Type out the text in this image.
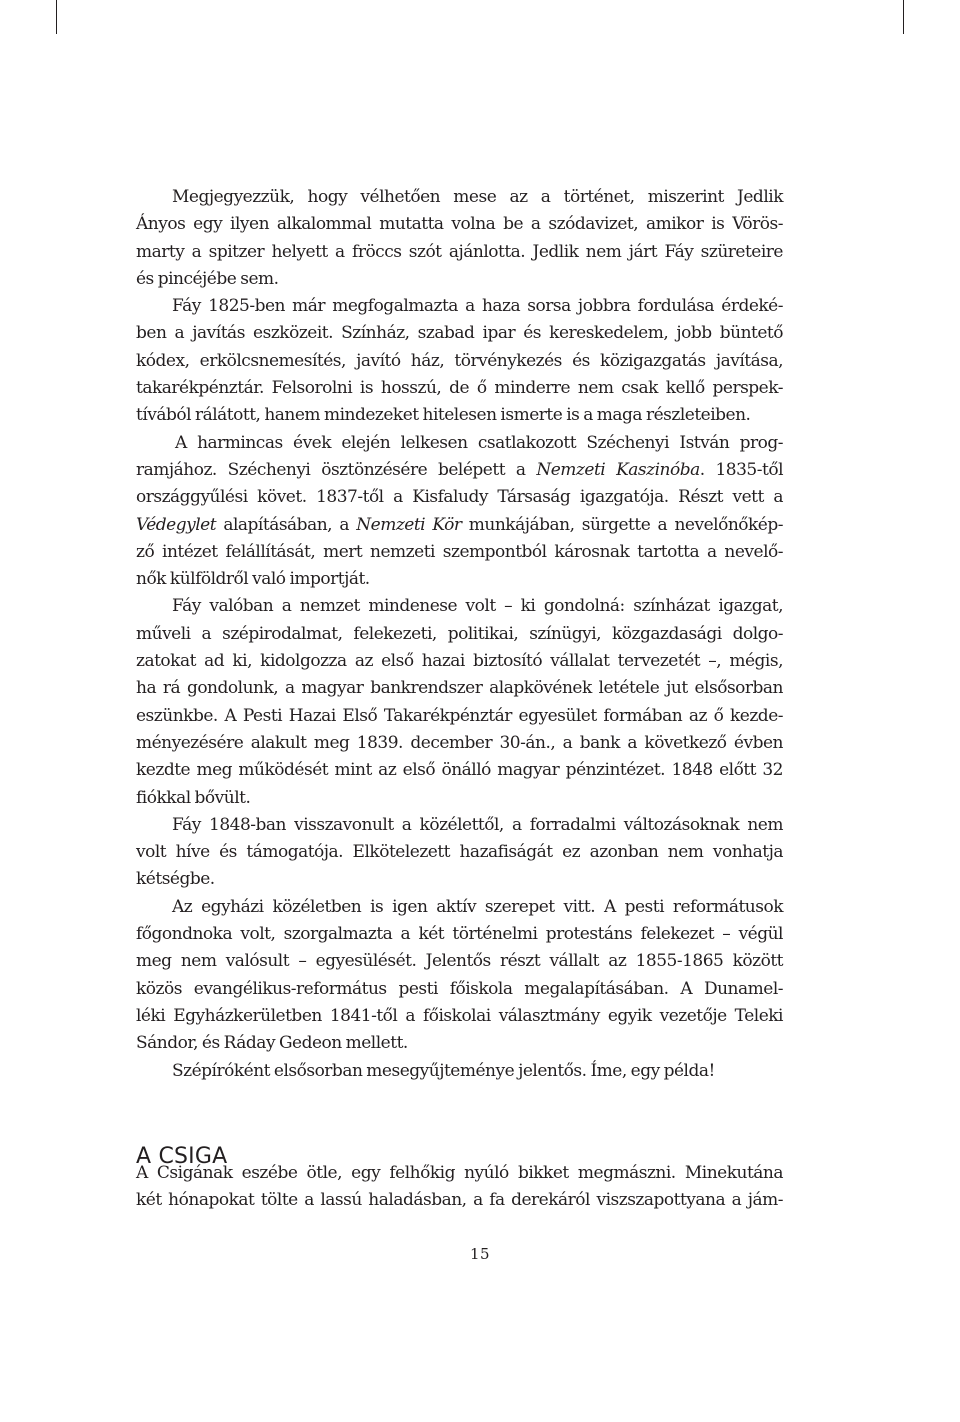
Megjegyezzük, hogy vélhetően mese az a történet, miszerint Jedlik
Ányos egy ilyen alkalommal mutatta volna be a szódavizet, amikor is Vörös-
marty a spitzer helyett a fröccs szót ajánlotta. Jedlik nem járt Fáy szüreteire
és pincéjébe sem.
Fáy 1825-ben már megfogalmazta a haza sorsa jobbra fordulása érdeké-
ben a javítás eszközeit. Színház, szabad ipar és kereskedelem, jobb büntető
kódex, erkölcsnemesítés, javító ház, törvénykezés és közigazgatás javítása,
takarékpénztár. Felsorolni is hosszú, de ő minderre nem csak kellő perspek-
tívából rálátott, hanem mindezeket hitelesen ismerte is a maga részleteiben.
A harmincas évek elején lelkesen csatlakozott Széchenyi István prog-
ramjához. Széchenyi ösztönzésére belépett a Nemzeti Kaszinóba. 1835-től
országgyűlési követ. 1837-től a Kisfaludy Társaság igazgatója. Részt vett a
Védegylet alapításában, a Nemzeti Kör munkájában, sürgette a nevelőnőkép-
ző intézet felállítását, mert nemzeti szempontból károsnak tartotta a nevelő-
nők külföldről való importját.
Fáy valóban a nemzet mindenese volt – ki gondolná: színházat igazgat,
műveli a szépirodalmat, felekezeti, politikai, színügyi, közgazdasági dolgo-
zatokat ad ki, kidolgozza az első hazai biztosító vállalat tervezetét –, mégis,
ha rá gondolunk, a magyar bankrendszer alapkövének letétele jut elsősorban
eszünkbe. A Pesti Hazai Első Takarékpénztár egyesület formában az ő kezde-
ményezésére alakult meg 1839. december 30-án., a bank a következő évben
kezdte meg működését mint az első önálló magyar pénzintézet. 1848 előtt 32
fiókkal bővült.
Fáy 1848-ban visszavonult a közélettől, a forradalmi változásoknak nem
volt híve és támogatója. Elkötelezett hazafiságát ez azonban nem vonhatja
kétségbe.
Az egyházi közéletben is igen aktív szerepet vitt. A pesti reformátusok
főgondnoka volt, szorgalmazta a két történelmi protestáns felekezet – végül
meg nem valósult – egyesülését. Jelentős részt vállalt az 1855-1865 között
közös evangélikus-református pesti főiskola megalapításában. A Dunamel-
léki Egyházkerületben 1841-től a főiskolai választmány egyik vezetője Teleki
Sándor, és Ráday Gedeon mellett.
Szépíróként elsősorban mesegyűjteménye jelentős. Íme, egy példa!
A CSIGA
A Csigának eszébe ötle, egy felhőkig nyúló bikket megmászni. Minekutána
két hónapokat tölte a lassú haladásban, a fa derekáról viszszapottyana a jám-
15
